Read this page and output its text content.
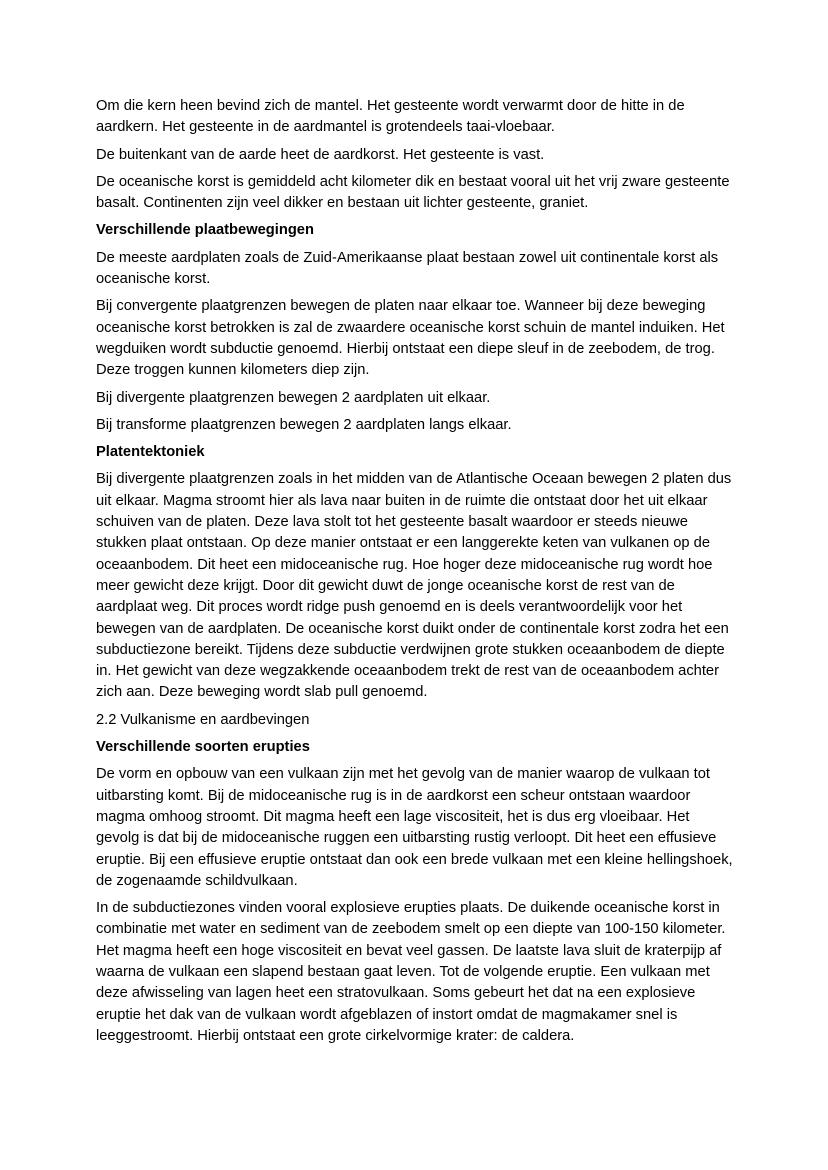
Om die kern heen bevind zich de mantel. Het gesteente wordt verwarmt door de hitte in de aardkern. Het gesteente in de aardmantel is grotendeels taai-vloebaar.

De buitenkant van de aarde heet de aardkorst. Het gesteente is vast.

De oceanische korst is gemiddeld acht kilometer dik en bestaat vooral uit het vrij zware gesteente basalt. Continenten zijn veel dikker en bestaan uit lichter gesteente, graniet.

Verschillende plaatbewegingen

De meeste aardplaten zoals de Zuid-Amerikaanse plaat bestaan zowel uit continentale korst als oceanische korst.

Bij convergente plaatgrenzen bewegen de platen naar elkaar toe. Wanneer bij deze beweging oceanische korst betrokken is zal de zwaardere oceanische korst schuin de mantel induiken. Het wegduiken wordt subductie genoemd. Hierbij ontstaat een diepe sleuf in de zeebodem, de trog. Deze troggen kunnen kilometers diep zijn.

Bij divergente plaatgrenzen bewegen 2 aardplaten uit elkaar.

Bij transforme plaatgrenzen bewegen 2 aardplaten langs elkaar.

Platentektoniek

Bij divergente plaatgrenzen zoals in het midden van de Atlantische Oceaan bewegen 2 platen dus uit elkaar. Magma stroomt hier als lava naar buiten in de ruimte die ontstaat door het uit elkaar schuiven van de platen. Deze lava stolt tot het gesteente basalt waardoor er steeds nieuwe stukken plaat ontstaan. Op deze manier ontstaat er een langgerekte keten van vulkanen op de oceaanbodem. Dit heet een midoceanische rug. Hoe hoger deze midoceanische rug wordt hoe meer gewicht deze krijgt. Door dit gewicht duwt de jonge oceanische korst de rest van de aardplaat weg. Dit proces wordt ridge push genoemd en is deels verantwoordelijk voor het bewegen van de aardplaten. De oceanische korst duikt onder de continentale korst zodra het een subductiezone bereikt. Tijdens deze subductie verdwijnen grote stukken oceaanbodem de diepte in. Het gewicht van deze wegzakkende oceaanbodem trekt de rest van de oceaanbodem achter zich aan. Deze beweging wordt slab pull genoemd.

2.2 Vulkanisme en aardbevingen

Verschillende soorten erupties

De vorm en opbouw van een vulkaan zijn met het gevolg van de manier waarop de vulkaan tot uitbarsting komt. Bij de midoceanische rug is in de aardkorst een scheur ontstaan waardoor magma omhoog stroomt. Dit magma heeft een lage viscositeit, het is dus erg vloeibaar. Het gevolg is dat bij de midoceanische ruggen een uitbarsting rustig verloopt. Dit heet een effusieve eruptie. Bij een effusieve eruptie ontstaat dan ook een brede vulkaan met een kleine hellingshoek, de zogenaamde schildvulkaan.

In de subductiezones vinden vooral explosieve erupties plaats. De duikende oceanische korst in combinatie met water en sediment van de zeebodem smelt op een diepte van 100-150 kilometer. Het magma heeft een hoge viscositeit en bevat veel gassen. De laatste lava sluit de kraterpijp af waarna de vulkaan een slapend bestaan gaat leven. Tot de volgende eruptie. Een vulkaan met deze afwisseling van lagen heet een stratovulkaan. Soms gebeurt het dat na een explosieve eruptie het dak van de vulkaan wordt afgeblazen of instort omdat de magmakamer snel is leeggestroomt. Hierbij ontstaat een grote cirkelvormige krater: de caldera.
